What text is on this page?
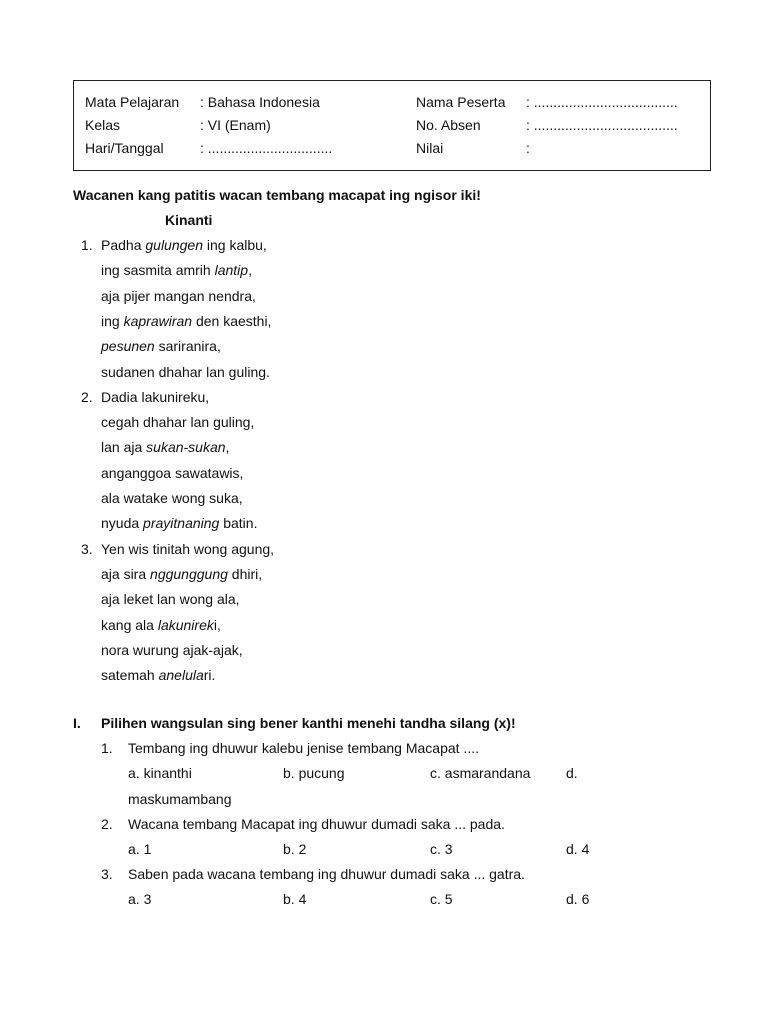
Mata Pelajaran : Bahasa Indonesia	Nama Peserta : .....................................
Kelas	: VI (Enam)	No. Absen	: .....................................
Hari/Tanggal	: ................................	Nilai	:
Wacanen kang patitis wacan tembang macapat ing ngisor iki!
Kinanti
1. Padha gulungen ing kalbu,
ing sasmita amrih lantip,
aja pijer mangan nendra,
ing kaprawiran den kaesthi,
pesunen sariranira,
sudanen dhahar lan guling.
2. Dadia lakunireku,
cegah dhahar lan guling,
lan aja sukan-sukan,
anganggoa sawatawis,
ala watake wong suka,
nyuda prayitnaning batin.
3. Yen wis tinitah wong agung,
aja sira nggunggung dhiri,
aja leket lan wong ala,
kang ala lakunireki,
nora wurung ajak-ajak,
satemah anelulari.
I. Pilihen wangsulan sing bener kanthi menehi tandha silang (x)!
1. Tembang ing dhuwur kalebu jenise tembang Macapat ....
a. kinanthi	b. pucung	c. asmarandana	d.
maskumambang
2. Wacana tembang Macapat ing dhuwur dumadi saka ... pada.
a. 1	b. 2	c. 3	d. 4
3. Saben pada wacana tembang ing dhuwur dumadi saka ... gatra.
a. 3	b. 4	c. 5	d. 6
